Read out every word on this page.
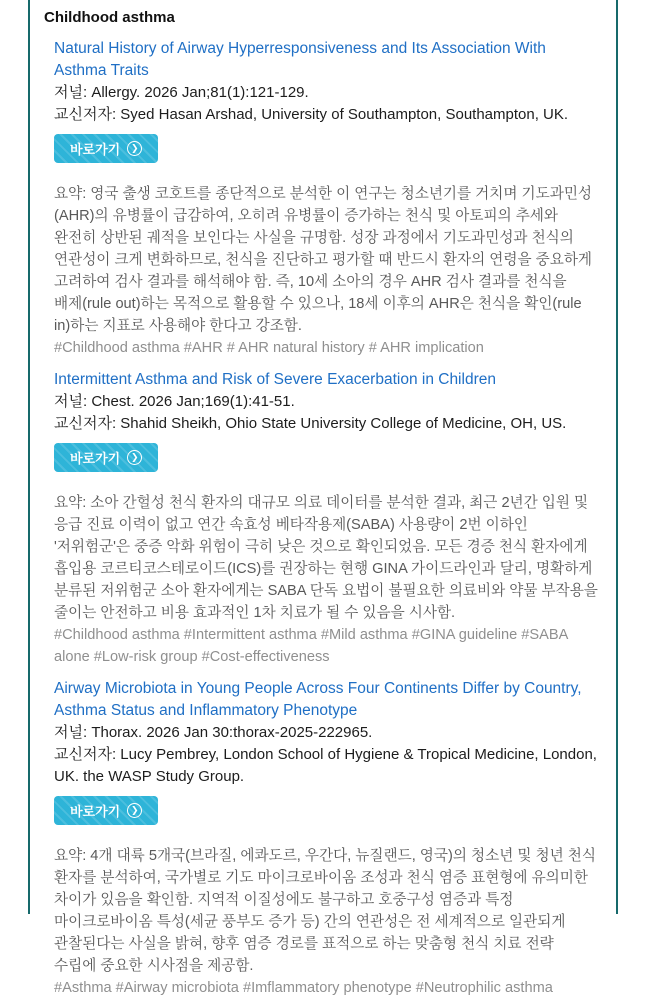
Childhood asthma
Natural History of Airway Hyperresponsiveness and Its Association With Asthma Traits
저널: Allergy. 2026 Jan;81(1):121-129.
교신저자: Syed Hasan Arshad, University of Southampton, Southampton, UK.
바로가기	❯
요약: 영국 출생 코호트를 종단적으로 분석한 이 연구는 청소년기를 거치며 기도과민성(AHR)의 유병률이 급감하여, 오히려 유병률이 증가하는 천식 및 아토피의 추세와 완전히 상반된 궤적을 보인다는 사실을 규명함. 성장 과정에서 기도과민성과 천식의 연관성이 크게 변화하므로, 천식을 진단하고 평가할 때 반드시 환자의 연령을 중요하게 고려하여 검사 결과를 해석해야 함. 즉, 10세 소아의 경우 AHR 검사 결과를 천식을 배제(rule out)하는 목적으로 활용할 수 있으나, 18세 이후의 AHR은 천식을 확인(rule in)하는 지표로 사용해야 한다고 강조함.
#Childhood asthma #AHR # AHR natural history # AHR implication
Intermittent Asthma and Risk of Severe Exacerbation in Children
저널: Chest. 2026 Jan;169(1):41-51.
교신저자: Shahid Sheikh, Ohio State University College of Medicine, OH, US.
바로가기	❯
요약: 소아 간헐성 천식 환자의 대규모 의료 데이터를 분석한 결과, 최근 2년간 입원 및 응급 진료 이력이 없고 연간 속효성 베타작용제(SABA) 사용량이 2번 이하인 '저위험군'은 중증 악화 위험이 극히 낮은 것으로 확인되었음. 모든 경증 천식 환자에게 흡입용 코르티코스테로이드(ICS)를 권장하는 현행 GINA 가이드라인과 달리, 명확하게 분류된 저위험군 소아 환자에게는 SABA 단독 요법이 불필요한 의료비와 약물 부작용을 줄이는 안전하고 비용 효과적인 1차 치료가 될 수 있음을 시사함.
#Childhood asthma #Intermittent asthma #Mild asthma #GINA guideline #SABA alone #Low-risk group #Cost-effectiveness
Airway Microbiota in Young People Across Four Continents Differ by Country, Asthma Status and Inflammatory Phenotype
저널: Thorax. 2026 Jan 30:thorax-2025-222965.
교신저자: Lucy Pembrey, London School of Hygiene & Tropical Medicine, London, UK. the WASP Study Group.
바로가기	❯
요약: 4개 대륙 5개국(브라질, 에콰도르, 우간다, 뉴질랜드, 영국)의 청소년 및 청년 천식 환자를 분석하여, 국가별로 기도 마이크로바이옴 조성과 천식 염증 표현형에 유의미한 차이가 있음을 확인함. 지역적 이질성에도 불구하고 호중구성 염증과 특정 마이크로바이옴 특성(세균 풍부도 증가 등) 간의 연관성은 전 세계적으로 일관되게 관찰된다는 사실을 밝혀, 향후 염증 경로를 표적으로 하는 맞춤형 천식 치료 전략 수립에 중요한 시사점을 제공함.
#Asthma #Airway microbiota #Imflammatory phenotype #Neutrophilic asthma
